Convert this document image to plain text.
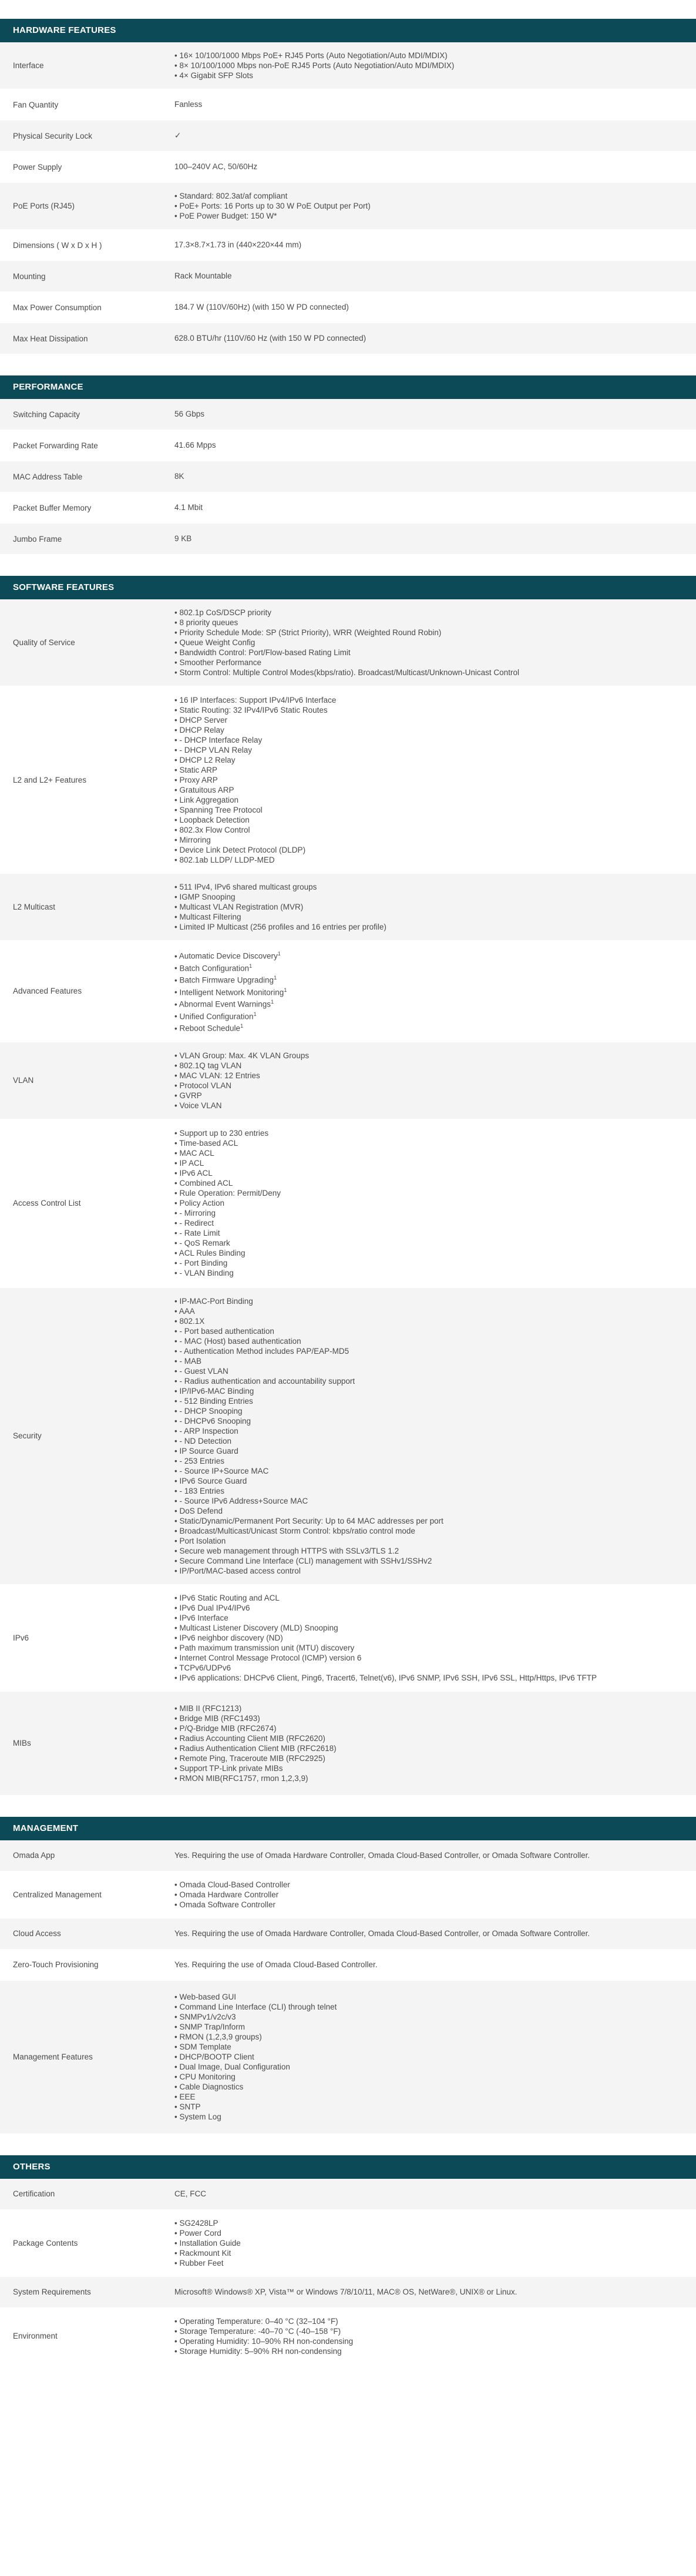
HARDWARE FEATURES
Interface
• 16× 10/100/1000 Mbps PoE+ RJ45 Ports (Auto Negotiation/Auto MDI/MDIX)
• 8× 10/100/1000 Mbps non-PoE RJ45 Ports (Auto Negotiation/Auto MDI/MDIX)
• 4× Gigabit SFP Slots
Fan Quantity	Fanless
Physical Security Lock	✓
Power Supply	100–240V AC, 50/60Hz
PoE Ports (RJ45)
• Standard: 802.3at/af compliant
• PoE+ Ports: 16 Ports up to 30 W PoE Output per Port)
• PoE Power Budget: 150 W*
Dimensions ( W x D x H )	17.3×8.7×1.73 in (440×220×44 mm)
Mounting	Rack Mountable
Max Power Consumption	184.7 W (110V/60Hz) (with 150 W PD connected)
Max Heat Dissipation	628.0 BTU/hr (110V/60 Hz (with 150 W PD connected)
PERFORMANCE
Switching Capacity	56 Gbps
Packet Forwarding Rate	41.66 Mpps
MAC Address Table	8K
Packet Buffer Memory	4.1 Mbit
Jumbo Frame	9 KB
SOFTWARE FEATURES
Quality of Service
• 802.1p CoS/DSCP priority
• 8 priority queues
• Priority Schedule Mode: SP (Strict Priority), WRR (Weighted Round Robin)
• Queue Weight Config
• Bandwidth Control: Port/Flow-based Rating Limit
• Smoother Performance
• Storm Control: Multiple Control Modes(kbps/ratio). Broadcast/Multicast/Unknown-Unicast Control
L2 and L2+ Features
• 16 IP Interfaces: Support IPv4/IPv6 Interface
• Static Routing: 32 IPv4/IPv6 Static Routes
• DHCP Server
• DHCP Relay
• - DHCP Interface Relay
• - DHCP VLAN Relay
• DHCP L2 Relay
• Static ARP
• Proxy ARP
• Gratuitous ARP
• Link Aggregation
• Spanning Tree Protocol
• Loopback Detection
• 802.3x Flow Control
• Mirroring
• Device Link Detect Protocol (DLDP)
• 802.1ab LLDP/ LLDP-MED
L2 Multicast
• 511 IPv4, IPv6 shared multicast groups
• IGMP Snooping
• Multicast VLAN Registration (MVR)
• Multicast Filtering
• Limited IP Multicast (256 profiles and 16 entries per profile)
Advanced Features
• Automatic Device Discovery$^1$
• Batch Configuration$^1$
• Batch Firmware Upgrading$^1$
• Intelligent Network Monitoring$^1$
• Abnormal Event Warnings$^1$
• Unified Configuration$^1$
• Reboot Schedule$^1$
VLAN
• VLAN Group: Max. 4K VLAN Groups
• 802.1Q tag VLAN
• MAC VLAN: 12 Entries
• Protocol VLAN
• GVRP
• Voice VLAN
Access Control List
• Support up to 230 entries
• Time-based ACL
• MAC ACL
• IP ACL
• IPv6 ACL
• Combined ACL
• Rule Operation: Permit/Deny
• Policy Action
• - Mirroring
• - Redirect
• - Rate Limit
• - QoS Remark
• ACL Rules Binding
• - Port Binding
• - VLAN Binding
Security
• IP-MAC-Port Binding
• AAA
• 802.1X
• - Port based authentication
• - MAC (Host) based authentication
• - Authentication Method includes PAP/EAP-MD5
• - MAB
• - Guest VLAN
• - Radius authentication and accountability support
• IP/IPv6-MAC Binding
• - 512 Binding Entries
• - DHCP Snooping
• - DHCPv6 Snooping
• - ARP Inspection
• - ND Detection
• IP Source Guard
• - 253 Entries
• - Source IP+Source MAC
• IPv6 Source Guard
• - 183 Entries
• - Source IPv6 Address+Source MAC
• DoS Defend
• Static/Dynamic/Permanent Port Security: Up to 64 MAC addresses per port
• Broadcast/Multicast/Unicast Storm Control: kbps/ratio control mode
• Port Isolation
• Secure web management through HTTPS with SSLv3/TLS 1.2
• Secure Command Line Interface (CLI) management with SSHv1/SSHv2
• IP/Port/MAC-based access control
IPv6
• IPv6 Static Routing and ACL
• IPv6 Dual IPv4/IPv6
• IPv6 Interface
• Multicast Listener Discovery (MLD) Snooping
• IPv6 neighbor discovery (ND)
• Path maximum transmission unit (MTU) discovery
• Internet Control Message Protocol (ICMP) version 6
• TCPv6/UDPv6
• IPv6 applications: DHCPv6 Client, Ping6, Tracert6, Telnet(v6), IPv6 SNMP, IPv6 SSH, IPv6 SSL, Http/Https, IPv6 TFTP
MIBs
• MIB II (RFC1213)
• Bridge MIB (RFC1493)
• P/Q-Bridge MIB (RFC2674)
• Radius Accounting Client MIB (RFC2620)
• Radius Authentication Client MIB (RFC2618)
• Remote Ping, Traceroute MIB (RFC2925)
• Support TP-Link private MIBs
• RMON MIB(RFC1757, rmon 1,2,3,9)
MANAGEMENT
Omada App	Yes. Requiring the use of Omada Hardware Controller, Omada Cloud-Based Controller, or Omada Software Controller.
Centralized Management
• Omada Cloud-Based Controller
• Omada Hardware Controller
• Omada Software Controller
Cloud Access	Yes. Requiring the use of Omada Hardware Controller, Omada Cloud-Based Controller, or Omada Software Controller.
Zero-Touch Provisioning	Yes. Requiring the use of Omada Cloud-Based Controller.
Management Features
• Web-based GUI
• Command Line Interface (CLI) through telnet
• SNMPv1/v2c/v3
• SNMP Trap/Inform
• RMON (1,2,3,9 groups)
• SDM Template
• DHCP/BOOTP Client
• Dual Image, Dual Configuration
• CPU Monitoring
• Cable Diagnostics
• EEE
• SNTP
• System Log
OTHERS
Certification	CE, FCC
Package Contents
• SG2428LP
• Power Cord
• Installation Guide
• Rackmount Kit
• Rubber Feet
System Requirements	Microsoft® Windows® XP, Vista™ or Windows 7/8/10/11, MAC® OS, NetWare®, UNIX® or Linux.
Environment
• Operating Temperature: 0–40 °C (32–104 °F)
• Storage Temperature: -40–70 °C (-40–158 °F)
• Operating Humidity: 10–90% RH non-condensing
• Storage Humidity: 5–90% RH non-condensing
